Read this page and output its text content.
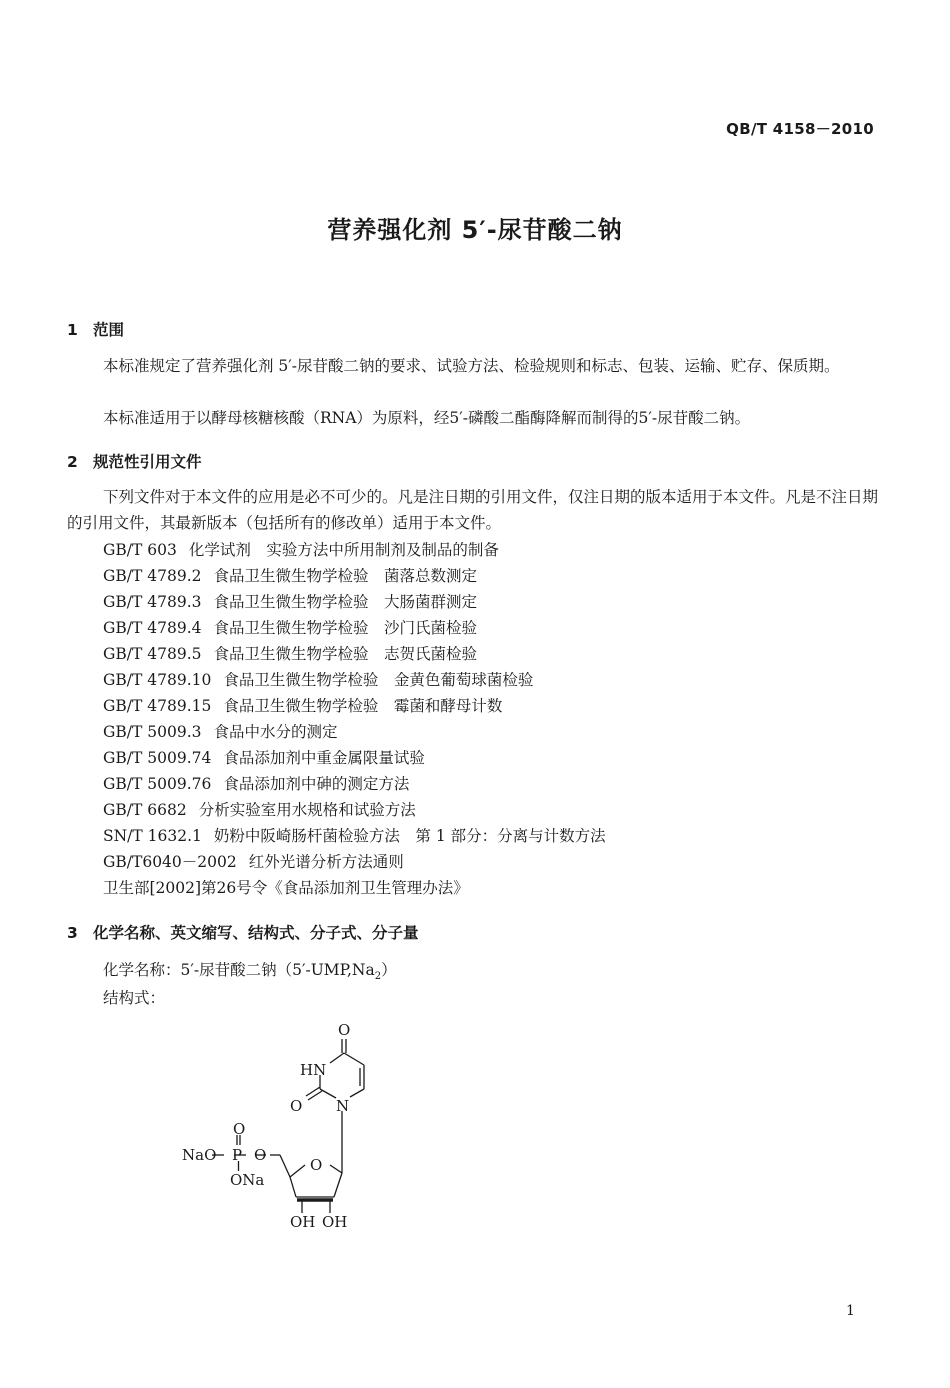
QB/T 4158－2010
营养强化剂 5′-尿苷酸二钠
1 范围
本标准规定了营养强化剂 5′-尿苷酸二钠的要求、试验方法、检验规则和标志、包装、运输、贮存、保质期。
本标准适用于以酵母核糖核酸（RNA）为原料，经5′-磷酸二酯酶降解而制得的5′-尿苷酸二钠。
2 规范性引用文件
下列文件对于本文件的应用是必不可少的。凡是注日期的引用文件，仅注日期的版本适用于本文件。凡是不注日期的引用文件，其最新版本（包括所有的修改单）适用于本文件。
GB/T 603 化学试剂　实验方法中所用制剂及制品的制备
GB/T 4789.2 食品卫生微生物学检验　菌落总数测定
GB/T 4789.3 食品卫生微生物学检验　大肠菌群测定
GB/T 4789.4 食品卫生微生物学检验　沙门氏菌检验
GB/T 4789.5 食品卫生微生物学检验　志贺氏菌检验
GB/T 4789.10 食品卫生微生物学检验　金黄色葡萄球菌检验
GB/T 4789.15 食品卫生微生物学检验　霉菌和酵母计数
GB/T 5009.3 食品中水分的测定
GB/T 5009.74 食品添加剂中重金属限量试验
GB/T 5009.76 食品添加剂中砷的测定方法
GB/T 6682 分析实验室用水规格和试验方法
SN/T 1632.1 奶粉中阪崎肠杆菌检验方法　第 1 部分：分离与计数方法
GB/T6040－2002 红外光谱分析方法通则
卫生部[2002]第26号令《食品添加剂卫生管理办法》
3 化学名称、英文缩写、结构式、分子式、分子量
化学名称：5′-尿苷酸二钠$(5'-UMP,Na_2)$
结构式：
O
HN
O N
O
NaO P O
ONa
O
OH OH
1
